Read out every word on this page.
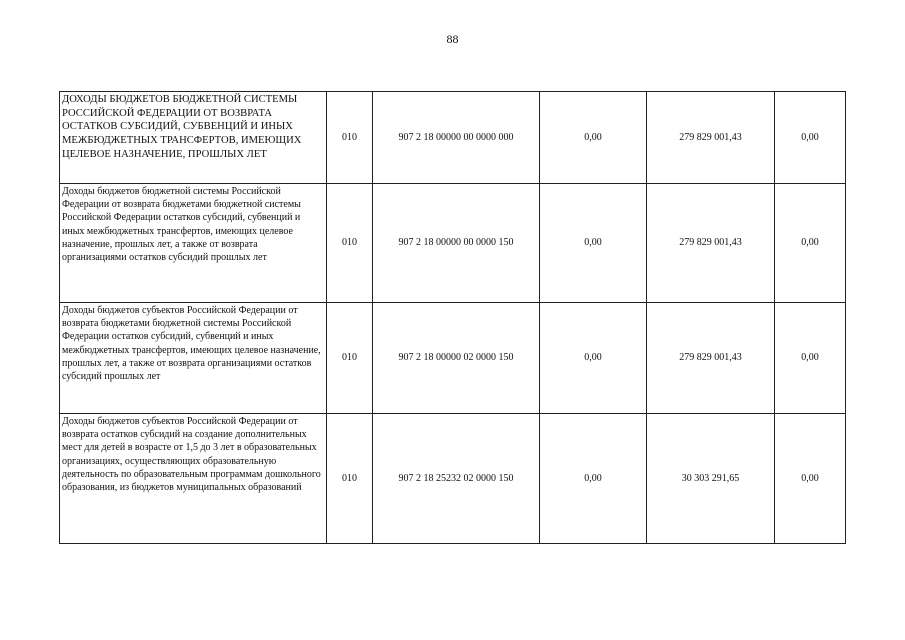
88
ДОХОДЫ БЮДЖЕТОВ БЮДЖЕТНОЙ СИСТЕМЫ РОССИЙСКОЙ ФЕДЕРАЦИИ ОТ ВОЗВРАТА ОСТАТКОВ СУБСИДИЙ, СУБВЕНЦИЙ И ИНЫХ МЕЖБЮДЖЕТНЫХ ТРАНСФЕРТОВ, ИМЕЮЩИХ ЦЕЛЕВОЕ НАЗНАЧЕНИЕ, ПРОШЛЫХ ЛЕТ	010	907 2 18 00000 00 0000 000	0,00	279 829 001,43	0,00
Доходы бюджетов бюджетной системы Российской Федерации от возврата бюджетами бюджетной системы Российской Федерации остатков субсидий, субвенций и иных межбюджетных трансфертов, имеющих целевое назначение, прошлых лет, а также от возврата организациями остатков субсидий прошлых лет	010	907 2 18 00000 00 0000 150	0,00	279 829 001,43	0,00
Доходы бюджетов субъектов Российской Федерации от возврата бюджетами бюджетной системы Российской Федерации остатков субсидий, субвенций и иных межбюджетных трансфертов, имеющих целевое назначение, прошлых лет, а также от возврата организациями остатков субсидий прошлых лет	010	907 2 18 00000 02 0000 150	0,00	279 829 001,43	0,00
Доходы бюджетов субъектов Российской Федерации от возврата остатков субсидий на создание дополнительных мест для детей в возрасте от 1,5 до 3 лет в образовательных организациях, осуществляющих образовательную деятельность по образовательным программам дошкольного образования, из бюджетов муниципальных образований	010	907 2 18 25232 02 0000 150	0,00	30 303 291,65	0,00
